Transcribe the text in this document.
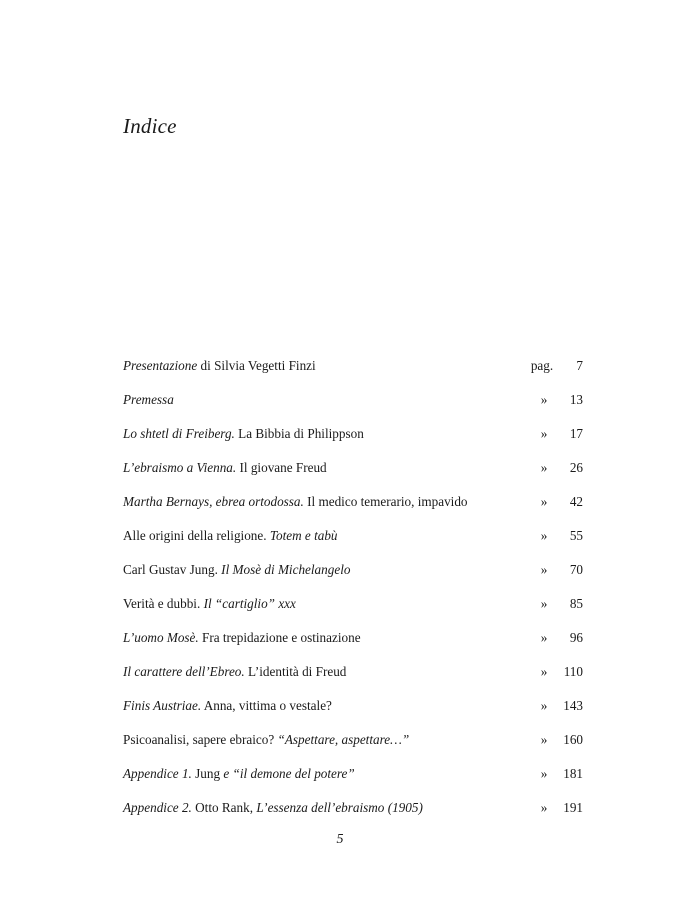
Indice
Presentazione di Silvia Vegetti Finzi	pag. 7
Premessa	»	13
Lo shtetl di Freiberg. La Bibbia di Philippson	»	17
L’ebraismo a Vienna. Il giovane Freud	»	26
Martha Bernays, ebrea ortodossa. Il medico temerario, impavido	»	42
Alle origini della religione. Totem e tabù	»	55
Carl Gustav Jung. Il Mosè di Michelangelo	»	70
Verità e dubbi. Il “cartiglio” xxx	»	85
L’uomo Mosè. Fra trepidazione e ostinazione	»	96
Il carattere dell’Ebreo. L’identità di Freud	»	110
Finis Austriae. Anna, vittima o vestale?	»	143
Psicoanalisi, sapere ebraico? “Aspettare, aspettare…”	»	160
Appendice 1. Jung e “il demone del potere”	»	181
Appendice 2. Otto Rank, L’essenza dell’ebraismo (1905)	»	191
5
